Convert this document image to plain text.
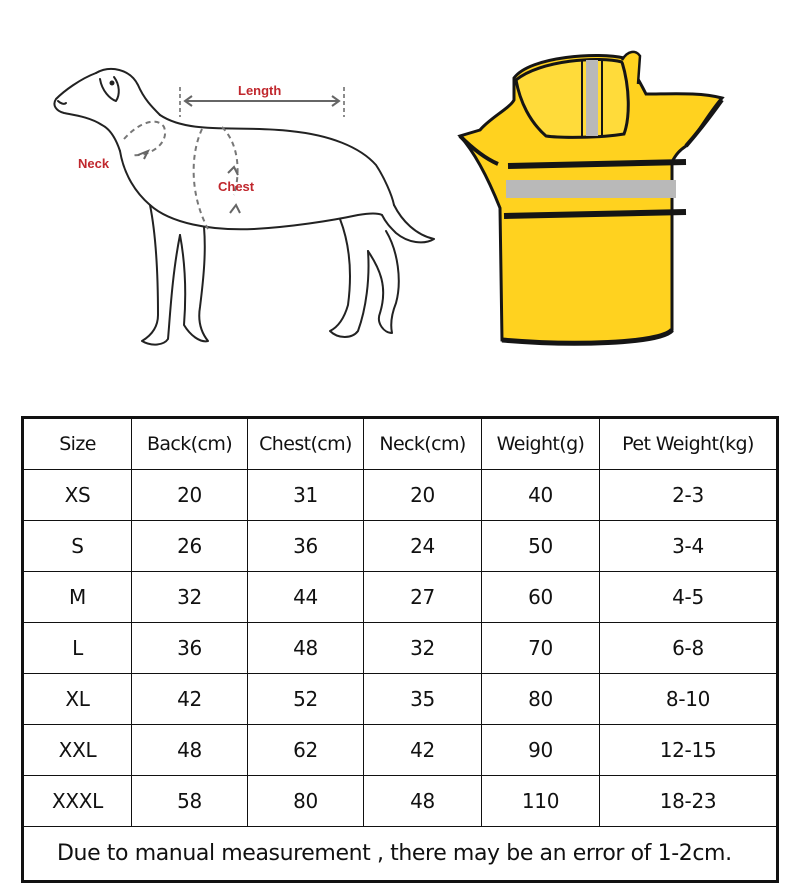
Length
Neck
Chest
Size	Back(cm)	Chest(cm)	Neck(cm)	Weight(g)	Pet Weight(kg)
XS	20	31	20	40	2-3
S	26	36	24	50	3-4
M	32	44	27	60	4-5
L	36	48	32	70	6-8
XL	42	52	35	80	8-10
XXL	48	62	42	90	12-15
XXXL	58	80	48	110	18-23
Due to manual measurement , there may be an error of 1-2cm.					
